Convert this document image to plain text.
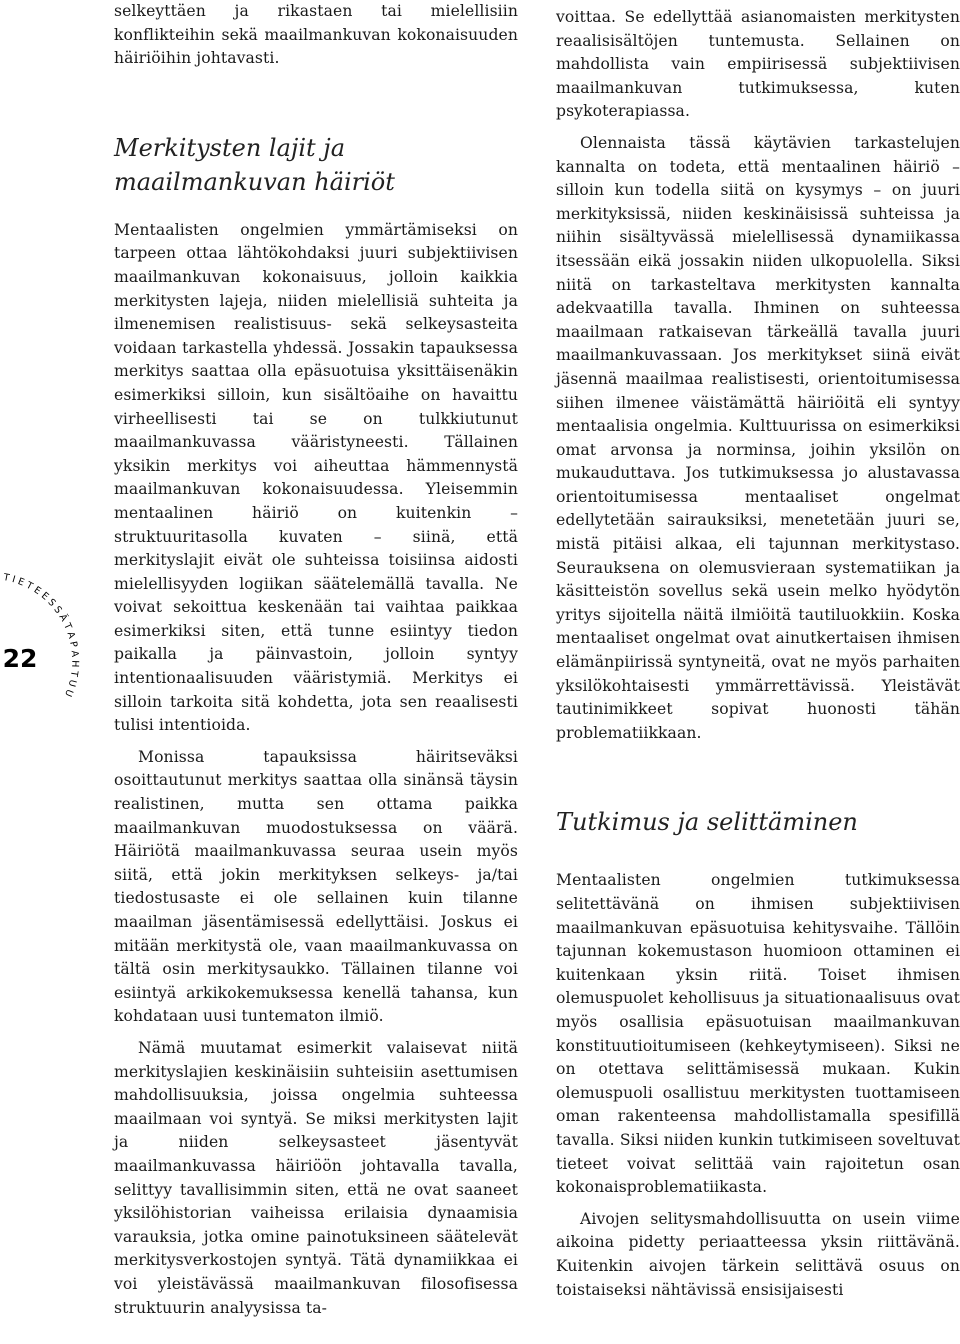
T I E T E E S S Ä T A P A H T U U
22

selkeyttäen ja rikastaen tai mielellisiin konflikteihin sekä maailmankuvan kokonaisuuden häiriöihin johtavasti.

Merkitysten lajit ja maailmankuvan häiriöt

Mentaalisten ongelmien ymmärtämiseksi on tarpeen ottaa lähtökohdaksi juuri subjektiivisen maailmankuvan kokonaisuus, jolloin kaikkia merkitysten lajeja, niiden mielellisiä suhteita ja ilmenemisen realistisuus- sekä selkeysasteita voidaan tarkastella yhdessä. Jossakin tapauksessa merkitys saattaa olla epäsuotuisa yksittäisenäkin esimerkiksi silloin, kun sisältöaihe on havaittu virheellisesti tai se on tulkkiutunut maailmankuvassa vääristyneesti. Tällainen yksikin merkitys voi aiheuttaa hämmennystä maailmankuvan kokonaisuudessa. Yleisemmin mentaalinen häiriö on kuitenkin – struktuuritasolla kuvaten – siinä, että merkityslajit eivät ole suhteissa toisiinsa aidosti mielellisyyden logiikan säätelemällä tavalla. Ne voivat sekoittua keskenään tai vaihtaa paikkaa esimerkiksi siten, että tunne esiintyy tiedon paikalla ja päinvastoin, jolloin syntyy intentionaalisuuden vääristymiä. Merkitys ei silloin tarkoita sitä kohdetta, jota sen reaalisesti tulisi intentioida.

Monissa tapauksissa häiritseväksi osoittautunut merkitys saattaa olla sinänsä täysin realistinen, mutta sen ottama paikka maailmankuvan muodostuksessa on väärä. Häiriötä maailmankuvassa seuraa usein myös siitä, että jokin merkityksen selkeys- ja/tai tiedostusaste ei ole sellainen kuin tilanne maailman jäsentämisessä edellyttäisi. Joskus ei mitään merkitystä ole, vaan maailmankuvassa on tältä osin merkitysaukko. Tällainen tilanne voi esiintyä arkikokemuksessa kenellä tahansa, kun kohdataan uusi tuntematon ilmiö.

Nämä muutamat esimerkit valaisevat niitä merkityslajien keskinäisiin suhteisiin asettumisen mahdollisuuksia, joissa ongelmia suhteessa maailmaan voi syntyä. Se miksi merkitysten lajit ja niiden selkeysasteet jäsentyvät maailmankuvassa häiriöön johtavalla tavalla, selittyy tavallisimmin siten, että ne ovat saaneet yksilöhistorian vaiheissa erilaisia dynaamisia varauksia, jotka omine painotuksineen säätelevät merkitysverkostojen syntyä. Tätä dynamiikkaa ei voi yleistävässä maailmankuvan filosofisessa struktuurin analyysissa ta-

voittaa. Se edellyttää asianomaisten merkitysten reaalisisältöjen tuntemusta. Sellainen on mahdollista vain empiirisessä subjektiivisen maailmankuvan tutkimuksessa, kuten psykoterapiassa.

Olennaista tässä käytävien tarkastelujen kannalta on todeta, että mentaalinen häiriö – silloin kun todella siitä on kysymys – on juuri merkityksissä, niiden keskinäisissä suhteissa ja niihin sisältyvässä mielellisessä dynamiikassa itsessään eikä jossakin niiden ulkopuolella. Siksi niitä on tarkasteltava merkitysten kannalta adekvaatilla tavalla. Ihminen on suhteessa maailmaan ratkaisevan tärkeällä tavalla juuri maailmankuvassaan. Jos merkitykset siinä eivät jäsennä maailmaa realistisesti, orientoitumisessa siihen ilmenee väistämättä häiriöitä eli syntyy mentaalisia ongelmia. Kulttuurissa on esimerkiksi omat arvonsa ja norminsa, joihin yksilön on mukauduttava. Jos tutkimuksessa jo alustavassa orientoitumisessa mentaaliset ongelmat edellytetään sairauksiksi, menetetään juuri se, mistä pitäisi alkaa, eli tajunnan merkitystaso. Seurauksena on olemusvieraan systematiikan ja käsitteistön sovellus sekä usein melko hyödytön yritys sijoitella näitä ilmiöitä tautiluokkiin. Koska mentaaliset ongelmat ovat ainutkertaisen ihmisen elämänpiirissä syntyneitä, ovat ne myös parhaiten yksilökohtaisesti ymmärrettävissä. Yleistävät tautinimikkeet sopivat huonosti tähän problematiikkaan.

Tutkimus ja selittäminen

Mentaalisten ongelmien tutkimuksessa selitettävänä on ihmisen subjektiivisen maailmankuvan epäsuotuisa kehitysvaihe. Tällöin tajunnan kokemustason huomioon ottaminen ei kuitenkaan yksin riitä. Toiset ihmisen olemuspuolet kehollisuus ja situationaalisuus ovat myös osallisia epäsuotuisan maailmankuvan konstituutioitumiseen (kehkeytymiseen). Siksi ne on otettava selittämisessä mukaan. Kukin olemuspuoli osallistuu merkitysten tuottamiseen oman rakenteensa mahdollistamalla spesifillä tavalla. Siksi niiden kunkin tutkimiseen soveltuvat tieteet voivat selittää vain rajoitetun osan kokonaisproblematiikasta.

Aivojen selitysmahdollisuutta on usein viime aikoina pidetty periaatteessa yksin riittävänä. Kuitenkin aivojen tärkein selittävä osuus on toistaiseksi nähtävissä ensisijaisesti
